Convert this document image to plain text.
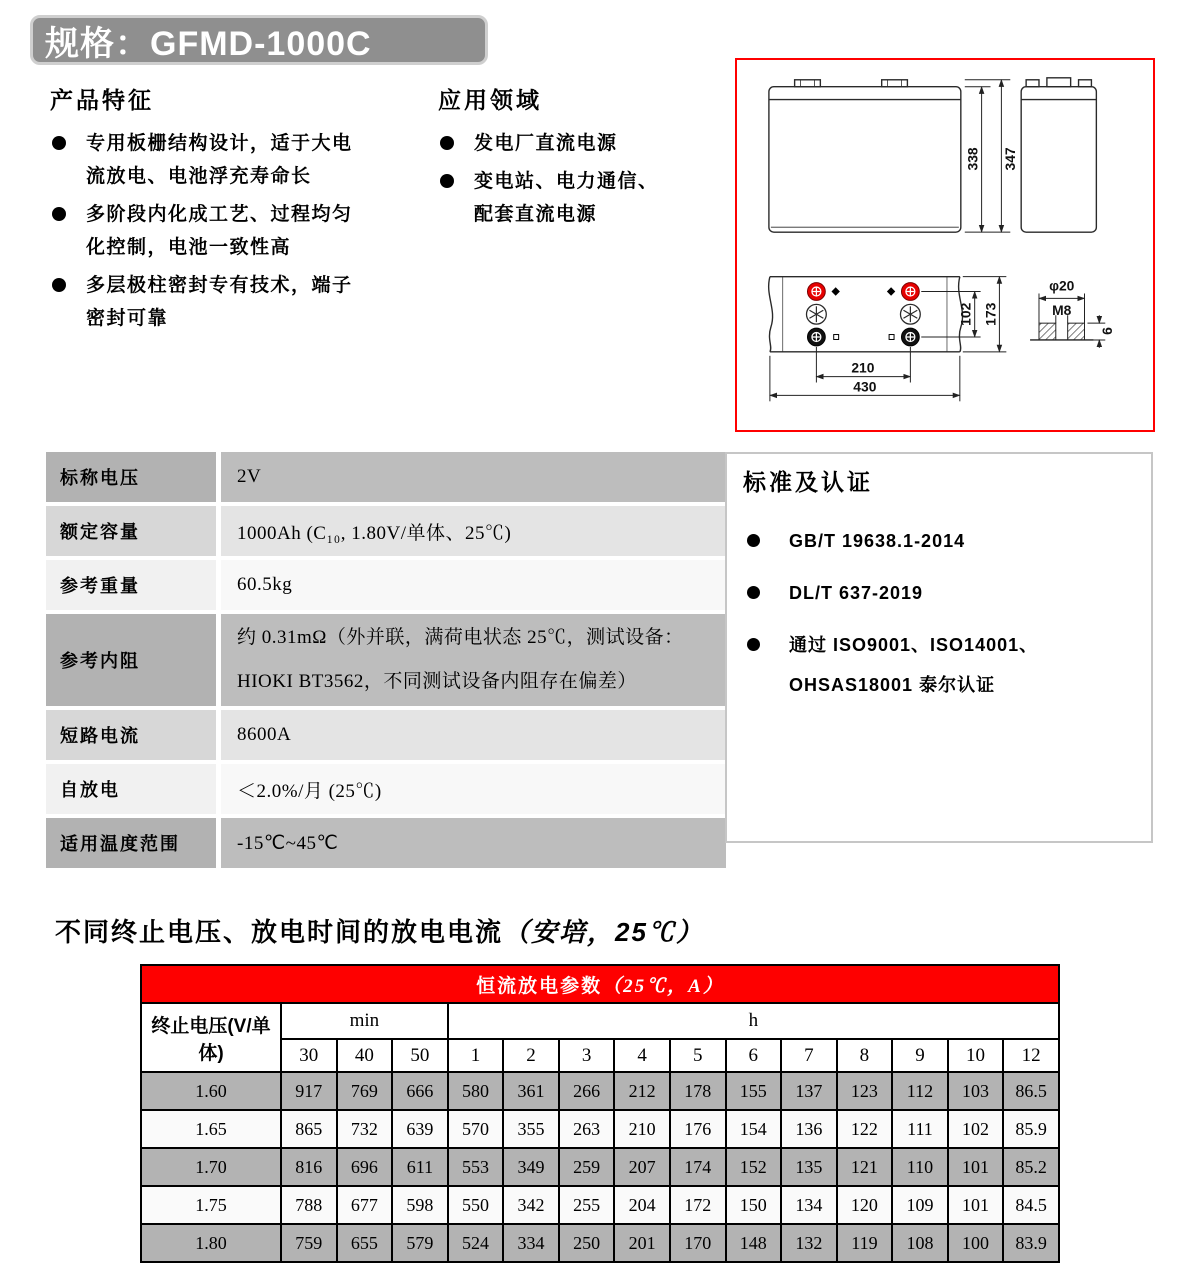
规格：GFMD-1000C
产品特征
专用板栅结构设计，适于大电流放电、电池浮充寿命长
多阶段内化成工艺、过程均匀化控制，电池一致性高
多层极柱密封专有技术，端子密封可靠
应用领域
发电厂直流电源
变电站、电力通信、配套直流电源
338 347
102 173
210
430
φ20
M8
6
标称电压	2V
额定容量	1000Ah (C₁₀, 1.80V/单体、25℃)
参考重量	60.5kg
参考内阻	约 0.31mΩ（外并联，满荷电状态 25℃，测试设备：HIOKI BT3562，不同测试设备内阻存在偏差）
短路电流	8600A
自放电	＜2.0%/月 (25℃)
适用温度范围	-15℃~45℃
标准及认证
GB/T 19638.1-2014
DL/T 637-2019
通过 ISO9001、ISO14001、OHSAS18001 泰尔认证
不同终止电压、放电时间的放电电流（安培，25℃）
恒流放电参数（25℃，A）														
终止电压(V/单体)	min			h										
	30	40	50	1	2	3	4	5	6	7	8	9	10	12
1.60	917	769	666	580	361	266	212	178	155	137	123	112	103	86.5
1.65	865	732	639	570	355	263	210	176	154	136	122	111	102	85.9
1.70	816	696	611	553	349	259	207	174	152	135	121	110	101	85.2
1.75	788	677	598	550	342	255	204	172	150	134	120	109	101	84.5
1.80	759	655	579	524	334	250	201	170	148	132	119	108	100	83.9
